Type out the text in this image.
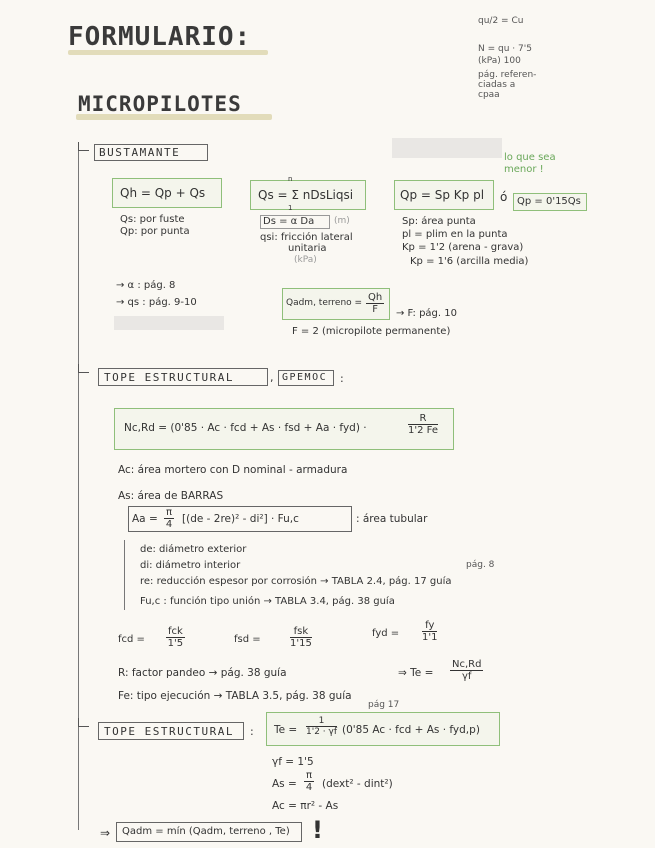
FORMULARIO:
MICROPILOTES
qu/2 = Cu
N = qu · 7'5
(kPa) 100
pág. referen-
ciadas a
cpaa
BUSTAMANTE	lo que sea
menor !
Qh = Qp + Qs
n
Qs = Σ nDsLiqsi
1
Qp = Sp Kp pl ó Qp = 0'15Qs
Qs: por fuste
Qp: por punta
Ds = α Da (m)
qsi: fricción lateral
unitaria
(kPa)
Sp: área punta
pl = plim en la punta
Kp = 1'2 (arena - grava)
Kp = 1'6 (arcilla media)
→ α : pág. 8
→ qs : pág. 9-10	Qadm, terreno = $\frac{Qh}{F} \to F$: pág. 10
F = 2 (micropilote permanente)
TOPE ESTRUCTURAL	, GPEMOC :
Nc,Rd = (0'85 · Ac · fcd + As · fsd + Aa · fyd) ·	$\frac{R}{1'2 Fe}$
Ac: área mortero con D nominal - armadura
As: área de BARRAS
$Aa = \frac{\pi}{4} [(de - 2re)^2 - di^2] \cdot Fu,c$	: área tubular
de: diámetro exterior
di: diámetro interior	pág. 8
re: reducción espesor por corrosión → TABLA 2.4, pág. 17 guía
Fu,c : función tipo unión → TABLA 3.4, pág. 38 guía
fcd =
fck
1'5	fsd =
fsk
1'15
fyd = $\frac{fy}{1'1}$
R: factor pandeo → pág. 38 guía	⇒ $Te = \frac{Nc,Rd}{\gamma f}$
Fe: tipo ejecución → TABLA 3.5, pág. 38 guía
pág 17
TOPE ESTRUCTURAL : $Te = \frac{1}{1'2 \cdot \gamma f} (0'85$ Ac · fcd + As · fyd,p)
γf = 1'5
$As = \frac{\pi}{4}$ (dext² - dint²)
Ac = πr² - As
⇒ Qadm = mín (Qadm, terreno , Te) !
